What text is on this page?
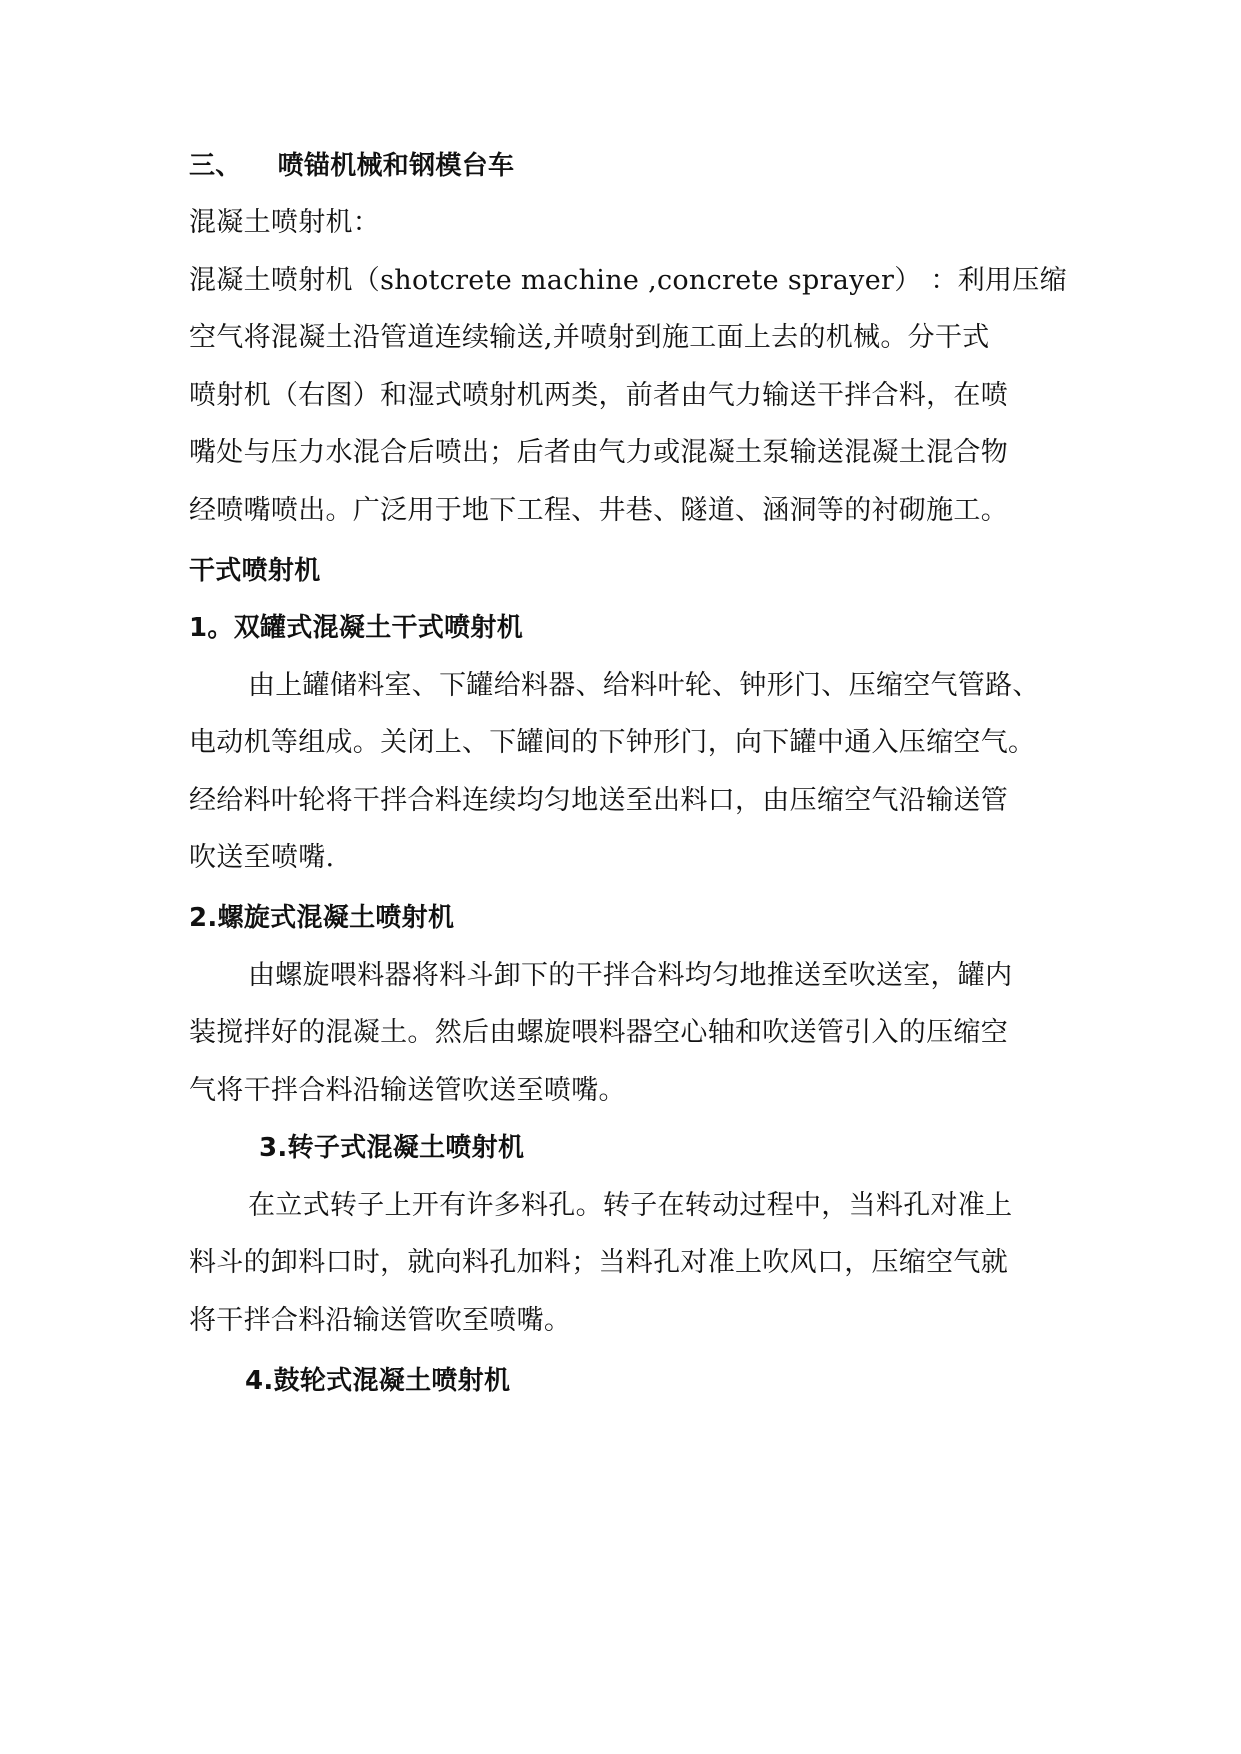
三、 喷锚机械和钢模台车
混凝土喷射机：
混凝土喷射机（shotcrete machine ,concrete sprayer） ：利用压缩
空气将混凝土沿管道连续输送,并喷射到施工面上去的机械。分干式
喷射机（右图）和湿式喷射机两类，前者由气力输送干拌合料，在喷
嘴处与压力水混合后喷出；后者由气力或混凝土泵输送混凝土混合物
经喷嘴喷出。广泛用于地下工程、井巷、隧道、涵洞等的衬砌施工。
干式喷射机
1。双罐式混凝土干式喷射机
由上罐储料室、下罐给料器、给料叶轮、钟形门、压缩空气管路、
电动机等组成。关闭上、下罐间的下钟形门，向下罐中通入压缩空气。
经给料叶轮将干拌合料连续均匀地送至出料口，由压缩空气沿输送管
吹送至喷嘴.
2.螺旋式混凝土喷射机
由螺旋喂料器将料斗卸下的干拌合料均匀地推送至吹送室，罐内
装搅拌好的混凝土。然后由螺旋喂料器空心轴和吹送管引入的压缩空
气将干拌合料沿输送管吹送至喷嘴。
3.转子式混凝土喷射机
在立式转子上开有许多料孔。转子在转动过程中，当料孔对准上
料斗的卸料口时，就向料孔加料；当料孔对准上吹风口，压缩空气就
将干拌合料沿输送管吹至喷嘴。
4.鼓轮式混凝土喷射机
